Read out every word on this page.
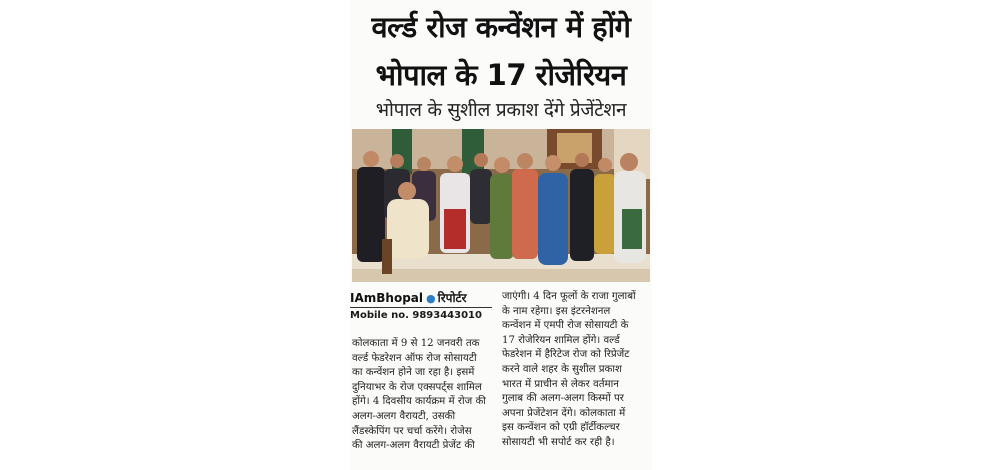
वर्ल्ड रोज कन्वेंशन में होंगे
भोपाल के 17 रोजेरियन
भोपाल के सुशील प्रकाश देंगे प्रेजेंटेशन
IAmBhopal ● रिपोर्टर
Mobile no. 9893443010
कोलकाता में 9 से 12 जनवरी तक
वर्ल्ड फेडरेशन ऑफ रोज सोसायटी
का कन्वेंशन होने जा रहा है। इसमें
दुनियाभर के रोज एक्सपर्ट्स शामिल
होंगे। 4 दिवसीय कार्यक्रम में रोज की
अलग-अलग वैरायटी, उसकी
लैंडस्केपिंग पर चर्चा करेंगे। रोजेस
की अलग-अलग वैरायटी प्रेजेंट की
जाएंगी। 4 दिन फूलों के राजा गुलाबों
के नाम रहेगा। इस इंटरनेशनल
कन्वेंशन में एमपी रोज सोसायटी के
17 रोजेरियन शामिल होंगे। वर्ल्ड
फेडरेशन में हैरिटेज रोज को रिप्रेजेंट
करने वाले शहर के सुशील प्रकाश
भारत में प्राचीन से लेकर वर्तमान
गुलाब की अलग-अलग किस्मों पर
अपना प्रेजेंटेशन देंगे। कोलकाता में
इस कन्वेंशन को एग्री हॉर्टीकल्चर
सोसायटी भी सपोर्ट कर रही है।
